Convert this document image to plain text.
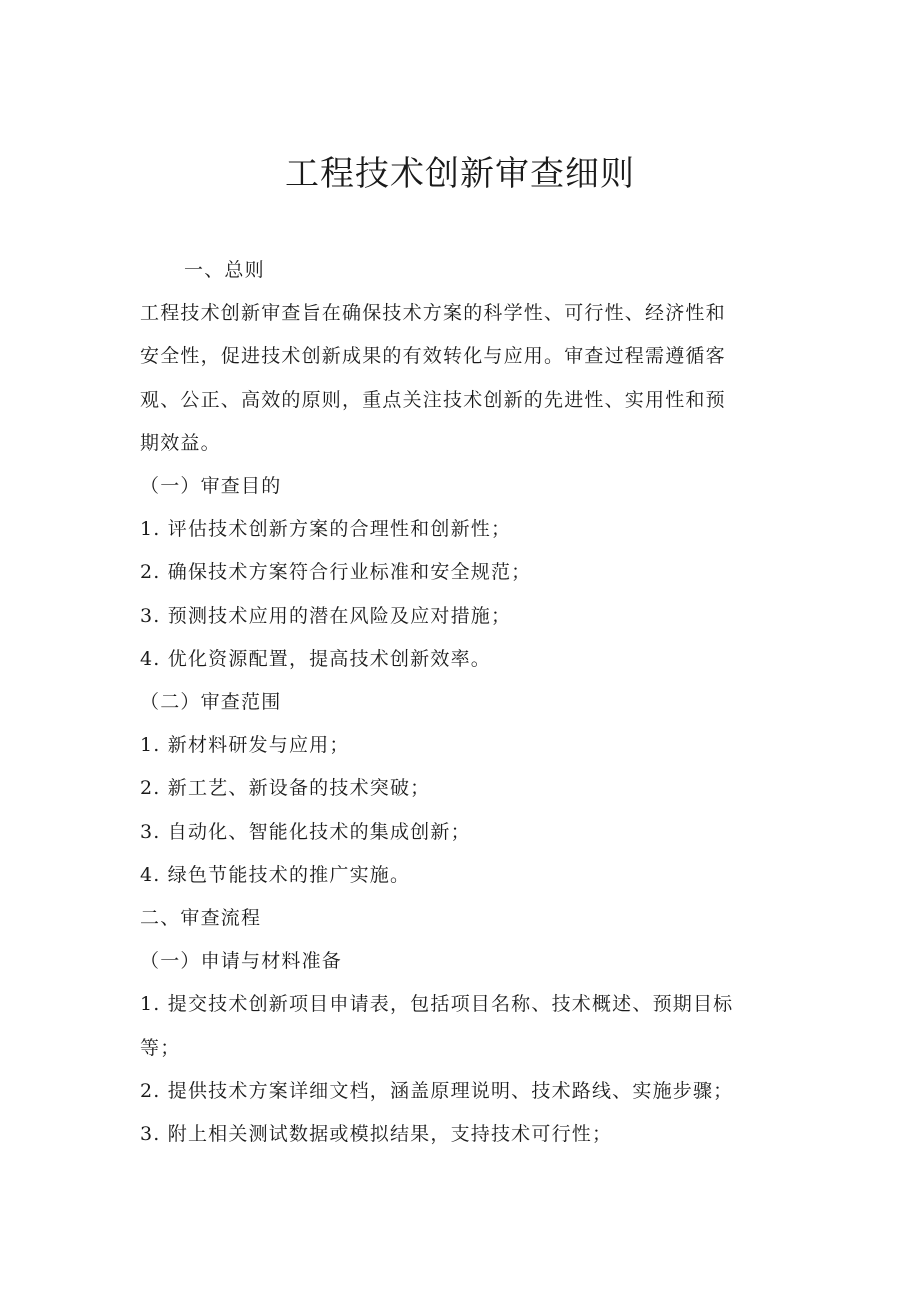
工程技术创新审查细则
一、总则
工程技术创新审查旨在确保技术方案的科学性、可行性、经济性和
安全性，促进技术创新成果的有效转化与应用。审查过程需遵循客
观、公正、高效的原则，重点关注技术创新的先进性、实用性和预
期效益。
（一）审查目的
1. 评估技术创新方案的合理性和创新性；
2. 确保技术方案符合行业标准和安全规范；
3. 预测技术应用的潜在风险及应对措施；
4. 优化资源配置，提高技术创新效率。
（二）审查范围
1. 新材料研发与应用；
2. 新工艺、新设备的技术突破；
3. 自动化、智能化技术的集成创新；
4. 绿色节能技术的推广实施。
二、审查流程
（一）申请与材料准备
1. 提交技术创新项目申请表，包括项目名称、技术概述、预期目标
等；
2. 提供技术方案详细文档，涵盖原理说明、技术路线、实施步骤；
3. 附上相关测试数据或模拟结果，支持技术可行性；
